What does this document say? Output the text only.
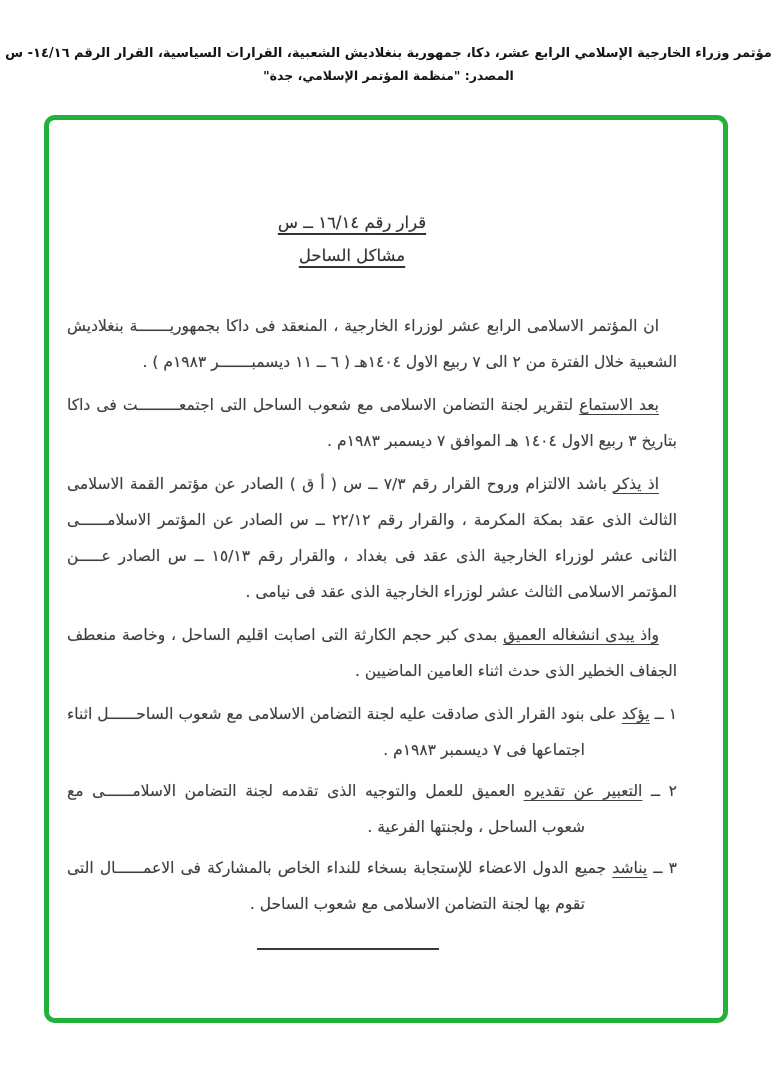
مؤتمر وزراء الخارجية الإسلامي الرابع عشر، دكا، جمهورية بنغلاديش الشعبية، القرارات السياسية، القرار الرقم ١٤/١٦- س
المصدر: "منظمة المؤتمر الإسلامي، جدة"
قرار رقم ١٦/١٤ ــ س
مشاكل الساحل

ان المؤتمر الاسلامى الرابع عشر لوزراء الخارجية ، المنعقد فى داكا بجمهوريـــــــة بنغلاديش الشعبية خلال الفترة من ٢ الى ٧ ربيع الاول ١٤٠٤هـ ( ٦ ــ ١١ ديسمبـــــــر ١٩٨٣م ) .

بعد الاستماع لتقرير لجنة التضامن الاسلامى مع شعوب الساحل التى اجتمعـــــــــت فى داكا بتاريخ ٣ ربيع الاول ١٤٠٤ هـ الموافق ٧ ديسمبر ١٩٨٣م .

اذ يذكر باشد الالتزام وروح القرار رقم ٧/٣ ــ س ( أ ق ) الصادر عن مؤتمر القمة الاسلامى الثالث الذى عقد بمكة المكرمة ، والقرار رقم ٢٢/١٢ ــ س الصادر عن المؤتمر الاسلامــــــى الثانى عشر لوزراء الخارجية الذى عقد فى بغداد ، والقرار رقم ١٥/١٣ ــ س الصادر عـــــن المؤتمر الاسلامى الثالث عشر لوزراء الخارجية الذى عقد فى نيامى .

واذ يبدى انشغاله العميق بمدى كبر حجم الكارثة التى اصابت اقليم الساحل ، وخاصة منعطف الجفاف الخطير الذى حدث اثناء العامين الماضيين .

١ ــ يؤكد على بنود القرار الذى صادقت عليه لجنة التضامن الاسلامى مع شعوب الساحــــــل اثناء اجتماعها فى ٧ ديسمبر ١٩٨٣م .

٢ ــ التعبير عن تقديره العميق للعمل والتوجيه الذى تقدمه لجنة التضامن الاسلامــــــى مع شعوب الساحل ، ولجنتها الفرعية .

٣ ــ يناشد جميع الدول الاعضاء للإستجابة بسخاء للنداء الخاص بالمشاركة فى الاعمــــــال التى تقوم بها لجنة التضامن الاسلامى مع شعوب الساحل .
